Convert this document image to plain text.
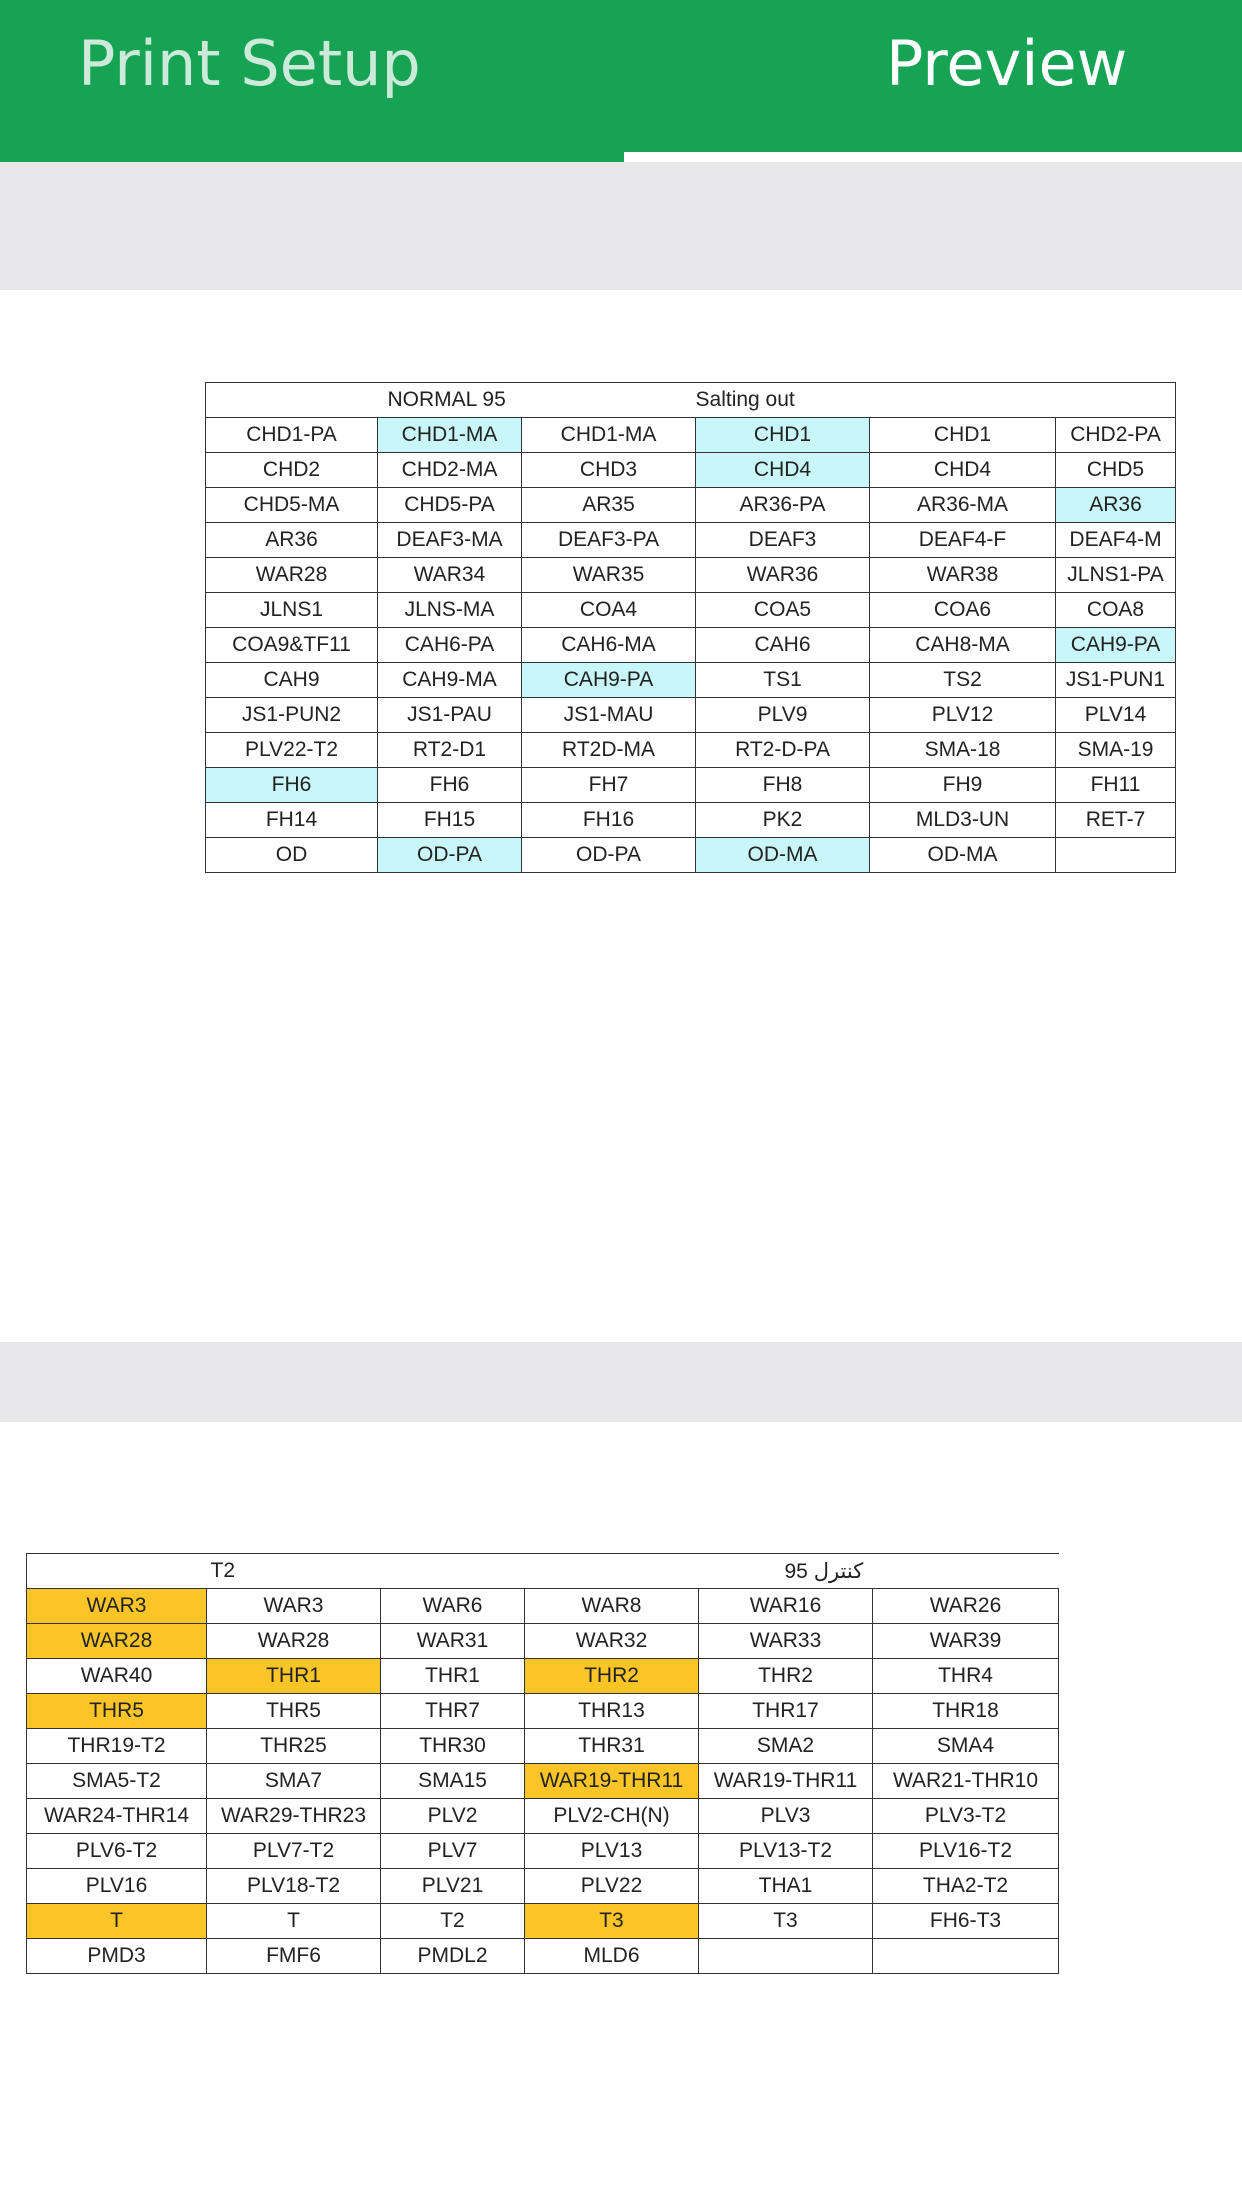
Print Setup	Preview
	NORMAL 95		Salting out		
CHD1-PA	CHD1-MA	CHD1-MA	CHD1	CHD1	CHD2-PA
CHD2	CHD2-MA	CHD3	CHD4	CHD4	CHD5
CHD5-MA	CHD5-PA	AR35	AR36-PA	AR36-MA	AR36
AR36	DEAF3-MA	DEAF3-PA	DEAF3	DEAF4-F	DEAF4-M
WAR28	WAR34	WAR35	WAR36	WAR38	JLNS1-PA
JLNS1	JLNS-MA	COA4	COA5	COA6	COA8
COA9&TF11	CAH6-PA	CAH6-MA	CAH6	CAH8-MA	CAH9-PA
CAH9	CAH9-MA	CAH9-PA	TS1	TS2	JS1-PUN1
JS1-PUN2	JS1-PAU	JS1-MAU	PLV9	PLV12	PLV14
PLV22-T2	RT2-D1	RT2D-MA	RT2-D-PA	SMA-18	SMA-19
FH6	FH6	FH7	FH8	FH9	FH11
FH14	FH15	FH16	PK2	MLD3-UN	RET-7
OD	OD-PA	OD-PA	OD-MA	OD-MA	
	T2			کنترل 95	
WAR3	WAR3	WAR6	WAR8	WAR16	WAR26
WAR28	WAR28	WAR31	WAR32	WAR33	WAR39
WAR40	THR1	THR1	THR2	THR2	THR4
THR5	THR5	THR7	THR13	THR17	THR18
THR19-T2	THR25	THR30	THR31	SMA2	SMA4
SMA5-T2	SMA7	SMA15	WAR19-THR11	WAR19-THR11	WAR21-THR10
WAR24-THR14	WAR29-THR23	PLV2	PLV2-CH(N)	PLV3	PLV3-T2
PLV6-T2	PLV7-T2	PLV7	PLV13	PLV13-T2	PLV16-T2
PLV16	PLV18-T2	PLV21	PLV22	THA1	THA2-T2
T	T	T2	T3	T3	FH6-T3
PMD3	FMF6	PMDL2	MLD6		
